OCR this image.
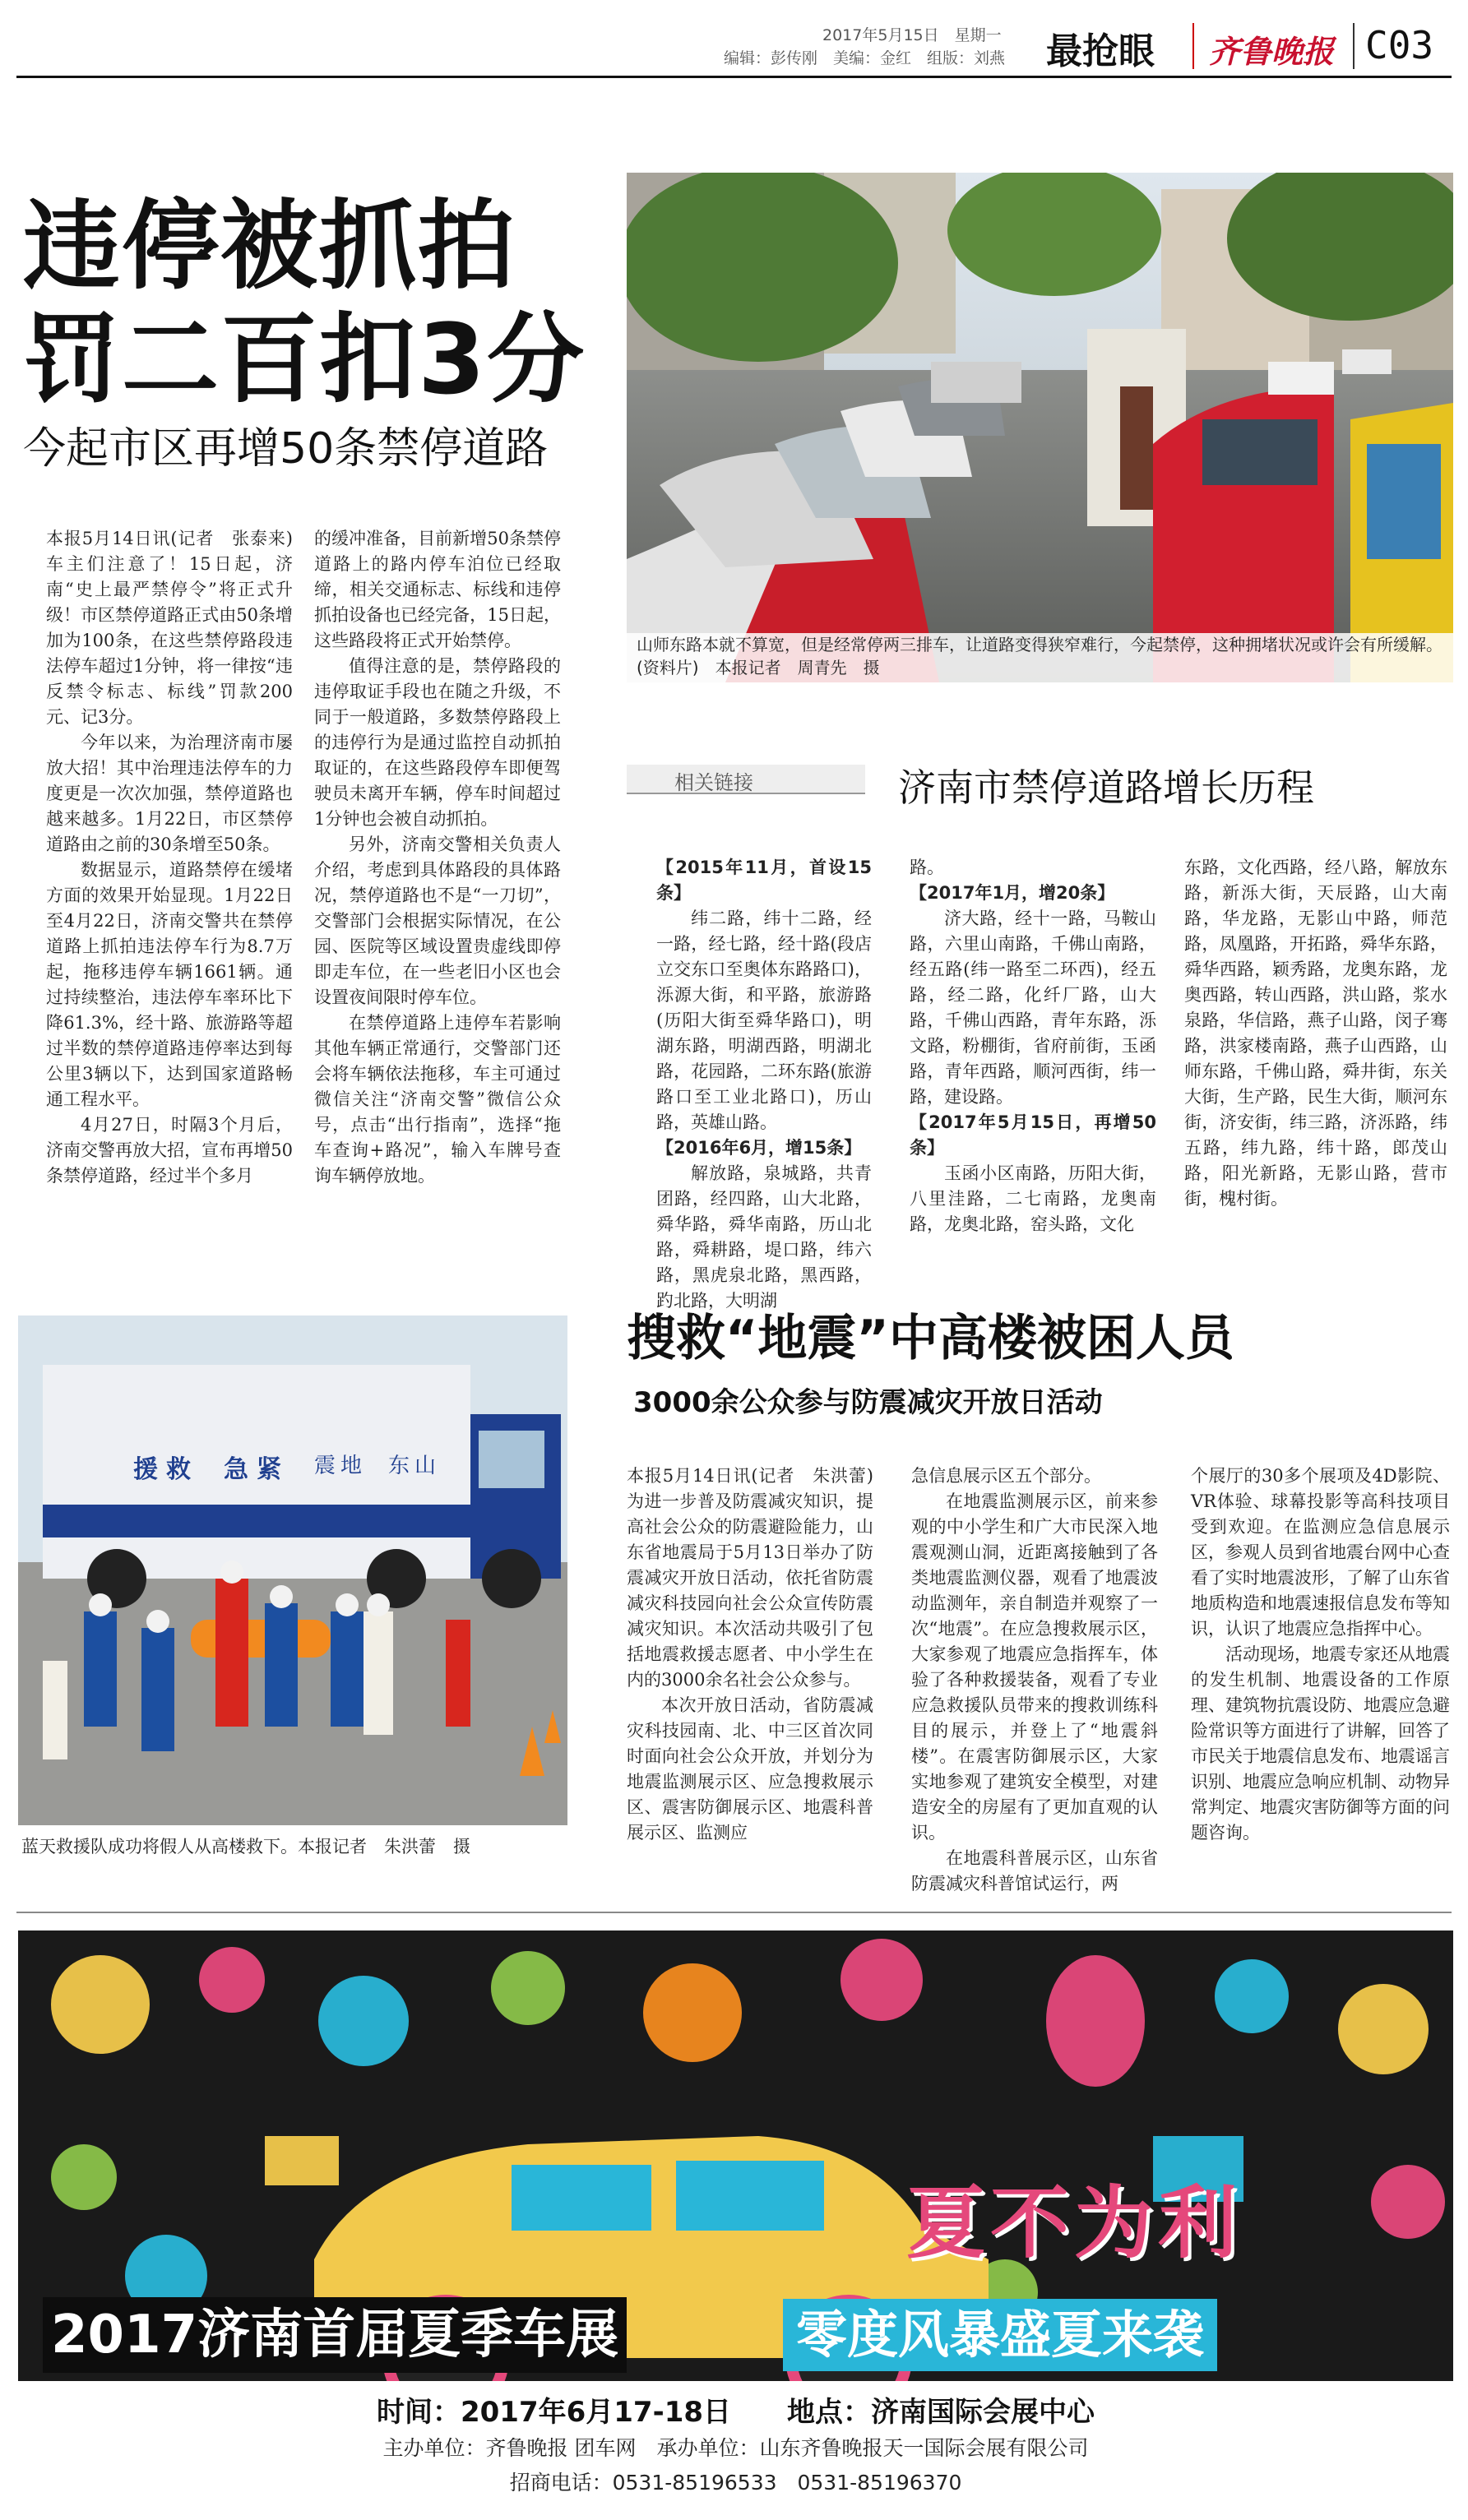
2017年5月15日　 星期一
编辑：彭传刚　美编：金红　组版：刘燕 最抢眼 齐鲁晚报 C03
违停被抓拍
罚二百扣3分
今起市区再增50条禁停道路

本报5月14日讯(记者　张泰来)　车主们注意了！15日起，济南“史上最严禁停令”将正式升级！市区禁停道路正式由50条增加为100条，在这些禁停路段违法停车超过1分钟，将一律按“违反禁令标志、标线”罚款200元、记3分。

今年以来，为治理济南市屡放大招！其中治理违法停车的力度更是一次次加强，禁停道路也越来越多。1月22日，市区禁停道路由之前的30条增至50条。

数据显示，道路禁停在缓堵方面的效果开始显现。1月22日至4月22日，济南交警共在禁停道路上抓拍违法停车行为8.7万起，拖移违停车辆1661辆。通过持续整治，违法停车率环比下降61.3%，经十路、旅游路等超过半数的禁停道路违停率达到每公里3辆以下，达到国家道路畅通工程水平。

4月27日，时隔3个月后，济南交警再放大招，宣布再增50条禁停道路，经过半个多月

的缓冲准备，目前新增50条禁停道路上的路内停车泊位已经取缔，相关交通标志、标线和违停抓拍设备也已经完备，15日起，这些路段将正式开始禁停。

值得注意的是，禁停路段的违停取证手段也在随之升级，不同于一般道路，多数禁停路段上的违停行为是通过监控自动抓拍取证的，在这些路段停车即便驾驶员未离开车辆，停车时间超过1分钟也会被自动抓拍。

另外，济南交警相关负责人介绍，考虑到具体路段的具体路况，禁停道路也不是“一刀切”，交警部门会根据实际情况，在公园、医院等区域设置贵虚线即停即走车位，在一些老旧小区也会设置夜间限时停车位。

在禁停道路上违停车若影响其他车辆正常通行，交警部门还会将车辆依法拖移，车主可通过微信关注“济南交警”微信公众号，点击“出行指南”，选择“拖车查询+路况”，输入车牌号查询车辆停放地。

山师东路本就不算宽，但是经常停两三排车，让道路变得狭窄难行，今起禁停，这种拥堵状况或许会有所缓解。(资料片)　本报记者　周青先　摄
相关链接	济南市禁停道路增长历程

【2015年11月，首设15条】

纬二路，纬十二路，经一路，经七路，经十路(段店立交东口至奥体东路路口)，泺源大街，和平路，旅游路(历阳大街至舜华路口)，明湖东路，明湖西路，明湖北路，花园路，二环东路(旅游路口至工业北路口)，历山路，英雄山路。

【2016年6月，增15条】

解放路，泉城路，共青团路，经四路，山大北路，舜华路，舜华南路，历山北路，舜耕路，堤口路，纬六路，黑虎泉北路，黑西路，趵北路，大明湖

路。

【2017年1月，增20条】

济大路，经十一路，马鞍山路，六里山南路，千佛山南路，经五路(纬一路至二环西)，经五路，经二路，化纤厂路，山大路，千佛山西路，青年东路，泺文路，粉棚街，省府前街，玉函路，青年西路，顺河西街，纬一路，建设路。

【2017年5月15日，再增50条】

玉函小区南路，历阳大街，八里洼路，二七南路，龙奥南路，龙奥北路，窑头路，文化

东路，文化西路，经八路，解放东路，新泺大街，天辰路，山大南路，华龙路，无影山中路，师范路，凤凰路，开拓路，舜华东路，舜华西路，颖秀路，龙奥东路，龙奥西路，转山西路，洪山路，浆水泉路，华信路，燕子山路，闵子骞路，洪家楼南路，燕子山西路，山师东路，千佛山路，舜井街，东关大街，生产路，民生大街，顺河东街，济安街，纬三路，济泺路，纬五路，纬九路，纬十路，郎茂山路，阳光新路，无影山路，营市街，槐村街。

援 救 急 紧 震 地 东 山
蓝天救援队成功将假人从高楼救下。本报记者　朱洪蕾　摄
搜救“地震”中高楼被困人员
3000余公众参与防震减灾开放日活动

本报5月14日讯(记者　朱洪蕾)　为进一步普及防震减灾知识，提高社会公众的防震避险能力，山东省地震局于5月13日举办了防震减灾开放日活动，依托省防震减灾科技园向社会公众宣传防震减灾知识。本次活动共吸引了包括地震救援志愿者、中小学生在内的3000余名社会公众参与。

本次开放日活动，省防震减灾科技园南、北、中三区首次同时面向社会公众开放，并划分为地震监测展示区、应急搜救展示区、震害防御展示区、地震科普展示区、监测应

急信息展示区五个部分。

在地震监测展示区，前来参观的中小学生和广大市民深入地震观测山洞，近距离接触到了各类地震监测仪器，观看了地震波动监测年，亲自制造并观察了一次“地震”。在应急搜救展示区，大家参观了地震应急指挥车，体验了各种救援装备，观看了专业应急救援队员带来的搜救训练科目的展示，并登上了“地震斜楼”。在震害防御展示区，大家实地参观了建筑安全模型，对建造安全的房屋有了更加直观的认识。

在地震科普展示区，山东省防震减灾科普馆试运行，两

个展厅的30多个展项及4D影院、VR体验、球幕投影等高科技项目受到欢迎。在监测应急信息展示区，参观人员到省地震台网中心查看了实时地震波形，了解了山东省地质构造和地震速报信息发布等知识，认识了地震应急指挥中心。

活动现场，地震专家还从地震的发生机制、地震设备的工作原理、建筑物抗震设防、地震应急避险常识等方面进行了讲解，回答了市民关于地震信息发布、地震谣言识别、地震应急响应机制、动物异常判定、地震灾害防御等方面的问题咨询。

夏不为利
2017济南首届夏季车展	零度风暴盛夏来袭
时间：2017年6月17-18日　　 地点：济南国际会展中心
主办单位：齐鲁晚报 团车网　承办单位：山东齐鲁晚报天一国际会展有限公司
招商电话：0531-85196533　0531-85196370
